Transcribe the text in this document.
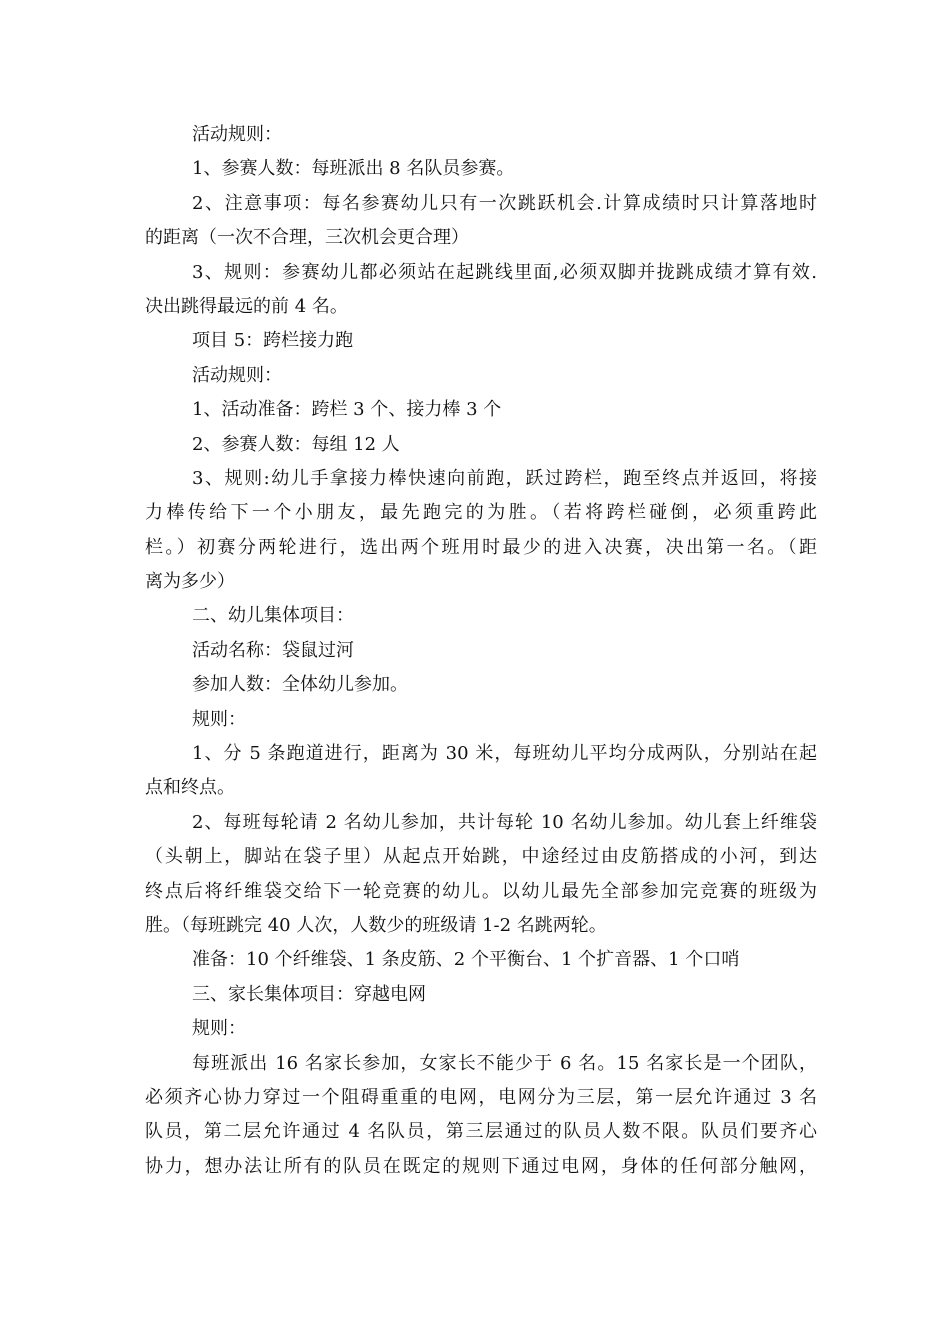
活动规则：
1、参赛人数：每班派出 8 名队员参赛。
2、注意事项：每名参赛幼儿只有一次跳跃机会.计算成绩时只计算落地时
的距离（一次不合理，三次机会更合理）
3、规则：参赛幼儿都必须站在起跳线里面,必须双脚并拢跳成绩才算有效.
决出跳得最远的前 4 名。
项目 5：跨栏接力跑
活动规则：
1、活动准备：跨栏 3 个、接力棒 3 个
2、参赛人数：每组 12 人
3、规则:幼儿手拿接力棒快速向前跑，跃过跨栏，跑至终点并返回，将接
力棒传给下一个小朋友，最先跑完的为胜。（若将跨栏碰倒，必须重跨此
栏。）初赛分两轮进行，选出两个班用时最少的进入决赛，决出第一名。（距
离为多少）
二、幼儿集体项目：
活动名称：袋鼠过河
参加人数：全体幼儿参加。
规则：
1、分 5 条跑道进行，距离为 30 米，每班幼儿平均分成两队，分别站在起
点和终点。
2、每班每轮请 2 名幼儿参加，共计每轮 10 名幼儿参加。幼儿套上纤维袋
（头朝上，脚站在袋子里）从起点开始跳，中途经过由皮筋搭成的小河，到达
终点后将纤维袋交给下一轮竞赛的幼儿。以幼儿最先全部参加完竞赛的班级为
胜。（每班跳完 40 人次，人数少的班级请 1-2 名跳两轮。
准备：10 个纤维袋、1 条皮筋、2 个平衡台、1 个扩音器、1 个口哨
三、家长集体项目：穿越电网
规则：
每班派出 16 名家长参加，女家长不能少于 6 名。15 名家长是一个团队，
必须齐心协力穿过一个阻碍重重的电网，电网分为三层，第一层允许通过 3 名
队员，第二层允许通过 4 名队员，第三层通过的队员人数不限。队员们要齐心
协力，想办法让所有的队员在既定的规则下通过电网，身体的任何部分触网，
